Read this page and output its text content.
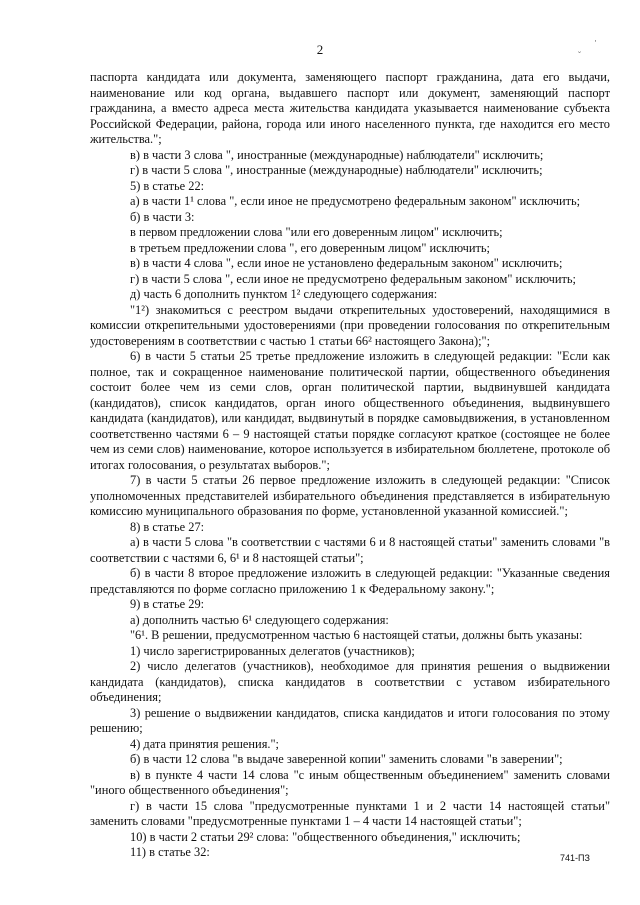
2	˘
·

паспорта кандидата или документа, заменяющего паспорт гражданина, дата его выдачи, наименование или код органа, выдавшего паспорт или документ, заменяющий паспорт гражданина, а вместо адреса места жительства кандидата указывается наименование субъекта Российской Федерации, района, города или иного населенного пункта, где находится его место жительства.";

в) в части 3 слова ", иностранные (международные) наблюдатели" исключить;

г) в части 5 слова ", иностранные (международные) наблюдатели" исключить;

5) в статье 22:

а) в части 1¹ слова ", если иное не предусмотрено федеральным законом" исключить;

б) в части 3:

в первом предложении слова "или его доверенным лицом" исключить;

в третьем предложении слова ", его доверенным лицом" исключить;

в) в части 4 слова ", если иное не установлено федеральным законом" исключить;

г) в части 5 слова ", если иное не предусмотрено федеральным законом" исключить;

д) часть 6 дополнить пунктом 1² следующего содержания:

"1²) знакомиться с реестром выдачи открепительных удостоверений, находящимися в комиссии открепительными удостоверениями (при проведении голосования по открепительным удостоверениям в соответствии с частью 1 статьи 66² настоящего Закона);";

6) в части 5 статьи 25 третье предложение изложить в следующей редакции: "Если как полное, так и сокращенное наименование политической партии, общественного объединения состоит более чем из семи слов, орган политической партии, выдвинувшей кандидата (кандидатов), список кандидатов, орган иного общественного объединения, выдвинувшего кандидата (кандидатов), или кандидат, выдвинутый в порядке самовыдвижения, в установленном соответственно частями 6 – 9 настоящей статьи порядке согласуют краткое (состоящее не более чем из семи слов) наименование, которое используется в избирательном бюллетене, протоколе об итогах голосования, о результатах выборов.";

7) в части 5 статьи 26 первое предложение изложить в следующей редакции: "Список уполномоченных представителей избирательного объединения представляется в избирательную комиссию муниципального образования по форме, установленной указанной комиссией.";

8) в статье 27:

а) в части 5 слова "в соответствии с частями 6 и 8 настоящей статьи" заменить словами "в соответствии с частями 6, 6¹ и 8 настоящей статьи";

б) в части 8 второе предложение изложить в следующей редакции: "Указанные сведения представляются по форме согласно приложению 1 к Федеральному закону.";

9) в статье 29:

а) дополнить частью 6¹ следующего содержания:

"6¹. В решении, предусмотренном частью 6 настоящей статьи, должны быть указаны:

1) число зарегистрированных делегатов (участников);

2) число делегатов (участников), необходимое для принятия решения о выдвижении кандидата (кандидатов), списка кандидатов в соответствии с уставом избирательного объединения;

3) решение о выдвижении кандидатов, списка кандидатов и итоги голосования по этому решению;

4) дата принятия решения.";

б) в части 12 слова "в выдаче заверенной копии" заменить словами "в заверении";

в) в пункте 4 части 14 слова "с иным общественным объединением" заменить словами "иного общественного объединения";

г) в части 15 слова "предусмотренные пунктами 1 и 2 части 14 настоящей статьи" заменить словами "предусмотренные пунктами 1 – 4 части 14 настоящей статьи";

10) в части 2 статьи 29² слова: "общественного объединения," исключить;

11) в статье 32:	741-ПЗ
